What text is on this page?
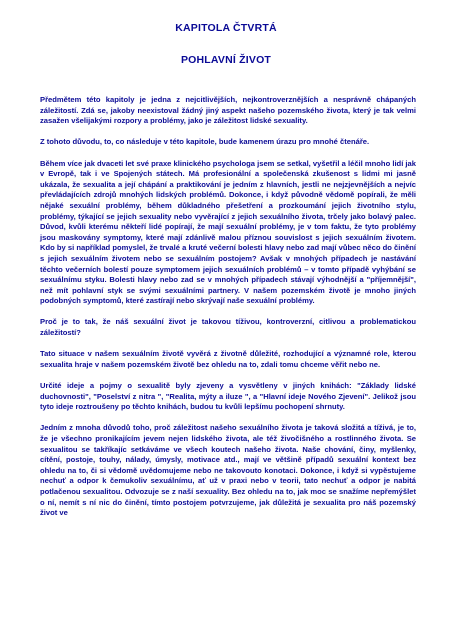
KAPITOLA ČTVRTÁ
POHLAVNÍ ŽIVOT

Předmětem této kapitoly je jedna z nejcitlivějších, nejkontroverznějších a nesprávně chápaných záležitostí. Zdá se, jakoby neexistoval žádný jiný aspekt našeho pozemského života, který je tak velmi zasažen všelijakými rozpory a problémy, jako je záležitost lidské sexuality.

Z tohoto důvodu, to, co následuje v této kapitole, bude kamenem úrazu pro mnohé čtenáře.

Během více jak dvaceti let své praxe klinického psychologa jsem se setkal, vyšetřil a léčil mnoho lidí jak v Evropě, tak i ve Spojených státech. Má profesionální a společenská zkušenost s lidmi mi jasně ukázala, že sexualita a její chápání a praktikování je jedním z hlavních, jestli ne nejzjevnějších a nejvíc převládajících zdrojů mnohých lidských problémů. Dokonce, i když původně vědomě popírali, že měli nějaké sexuální problémy, během důkladného přešetření a prozkoumání jejich životního stylu, problémy, týkající se jejich sexuality nebo vyvěrající z jejich sexuálního života, trčely jako bolavý palec. Důvod, kvůli kterému někteří lidé popírají, že mají sexuální problémy, je v tom faktu, že tyto problémy jsou maskovány symptomy, které mají zdánlivě malou příznou souvislost s jejich sexuálním životem. Kdo by si například pomyslel, že trvalé a kruté večerní bolesti hlavy nebo zad mají vůbec něco do činění s jejich sexuálním životem nebo se sexuálním postojem? Avšak v mnohých případech je nastávání těchto večerních bolestí pouze symptomem jejich sexuálních problémů – v tomto případě vyhýbání se sexuálnímu styku. Bolesti hlavy nebo zad se v mnohých případech stávají výhodnější a "příjemnější", než mít pohlavní styk se svými sexuálními partnery. V našem pozemském životě je mnoho jiných podobných symptomů, které zastírají nebo skrývají naše sexuální problémy.

Proč je to tak, že náš sexuální život je takovou tíživou, kontroverzní, citlivou a problematickou záležitostí?

Tato situace v našem sexuálním životě vyvěrá z životně důležité, rozhodující a významné role, kterou sexualita hraje v našem pozemském životě bez ohledu na to, zdali tomu chceme věřit nebo ne.

Určité ideje a pojmy o sexualitě byly zjeveny a vysvětleny v jiných knihách: "Základy lidské duchovnosti", "Poselství z nitra ", "Realita, mýty a iluze ", a "Hlavní ideje Nového Zjevení". Jelikož jsou tyto ideje roztroušeny po těchto knihách, budou tu kvůli lepšímu pochopení shrnuty.

Jedním z mnoha důvodů toho, proč záležitost našeho sexuálního života je taková složitá a tíživá, je to, že je všechno pronikajícím jevem nejen lidského života, ale též živočišného a rostlinného života. Se sexualitou se takříkajíc setkáváme ve všech koutech našeho života. Naše chování, činy, myšlenky, cítění, postoje, touhy, nálady, úmysly, motivace atd., mají ve většině případů sexuální kontext bez ohledu na to, či si vědomě uvědomujeme nebo ne takovouto konotaci. Dokonce, i když si vypěstujeme nechuť a odpor k čemukoliv sexuálnímu, ať už v praxi nebo v teorii, tato nechuť a odpor je nabitá potlačenou sexualitou. Odvozuje se z naší sexuality. Bez ohledu na to, jak moc se snažíme nepřemýšlet o ní, nemít s ní nic do činění, tímto postojem potvrzujeme, jak důležitá je sexualita pro náš pozemský život ve
